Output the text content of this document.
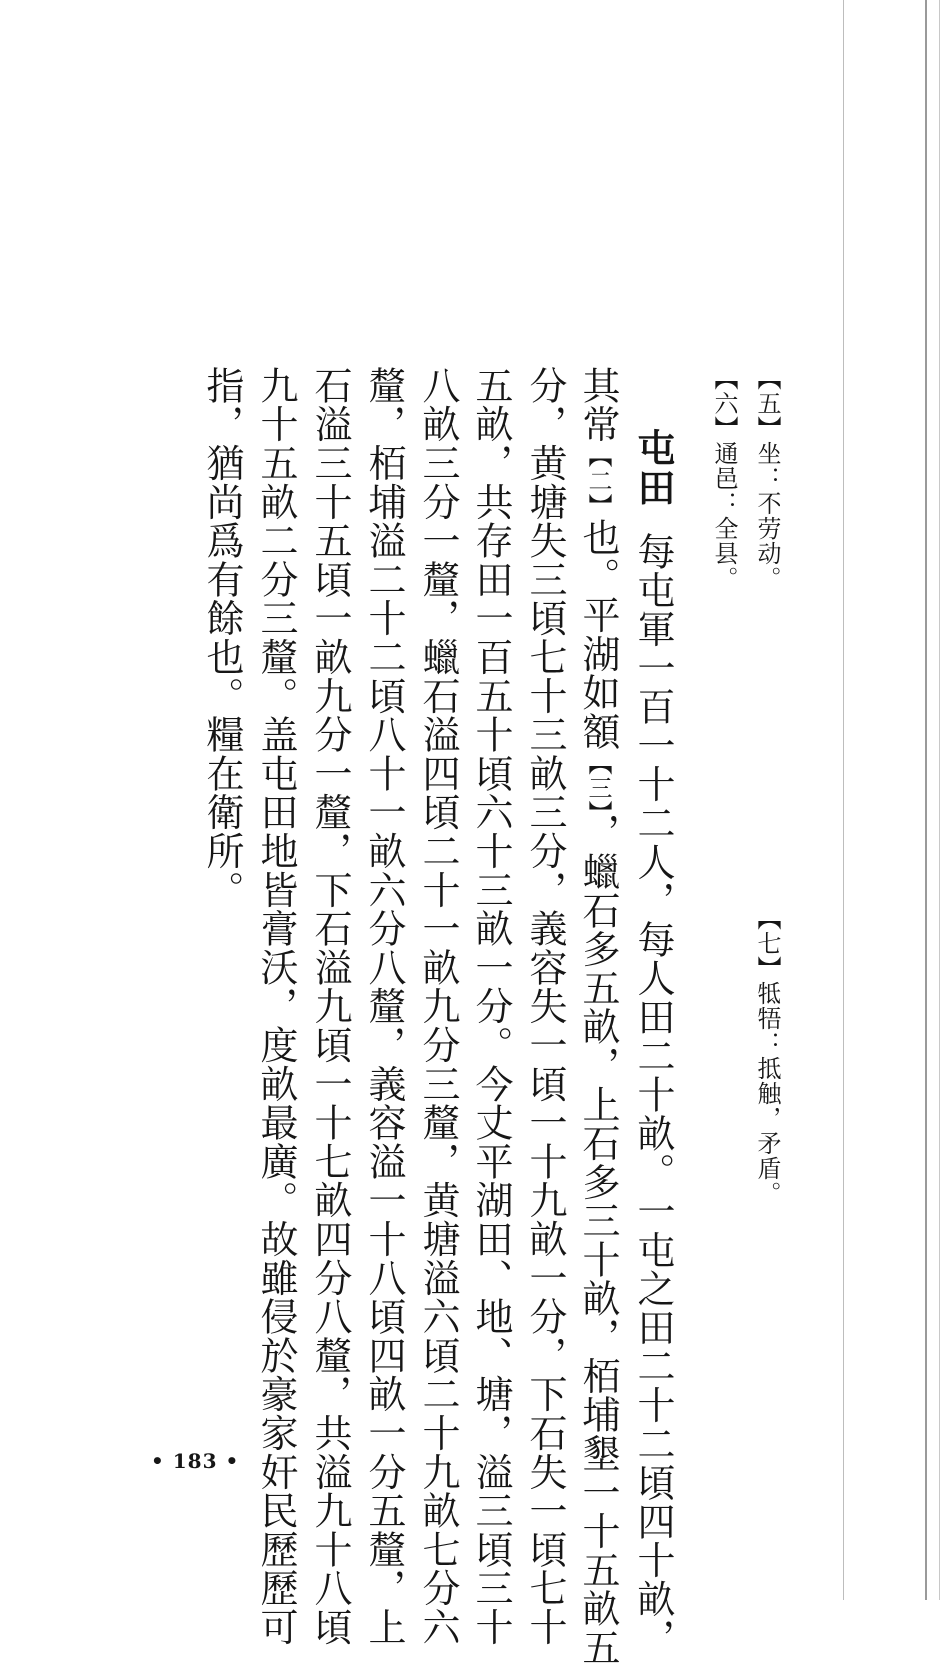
【五】坐：不劳动。
【六】通邑：全县。
【七】牴牾：抵触，矛盾。
屯田每屯軍一百一十二人，每人田二十畝。一屯之田二十二頃四十畝，
其常【二】也。平湖如額【三】，蠟石多五畝，上石多三十畝，栢埔墾一十五畝五
分，黄塘失三頃七十三畝三分，義容失一頃一十九畝一分，下石失一頃七十
五畝，共存田一百五十頃六十三畝一分。今丈平湖田、地、塘，溢三頃三十
八畝三分一釐，蠟石溢四頃二十一畝九分三釐，黄塘溢六頃二十九畝七分六
釐，栢埔溢二十二頃八十一畝六分八釐，義容溢一十八頃四畝一分五釐，上
石溢三十五頃一畝九分一釐，下石溢九頃一十七畝四分八釐，共溢九十八頃
九十五畝二分三釐。盖屯田地皆膏沃，度畝最廣。故雖侵於豪家奸民歷歷可
指，猶尚爲有餘也。糧在衛所。
• 183 •
